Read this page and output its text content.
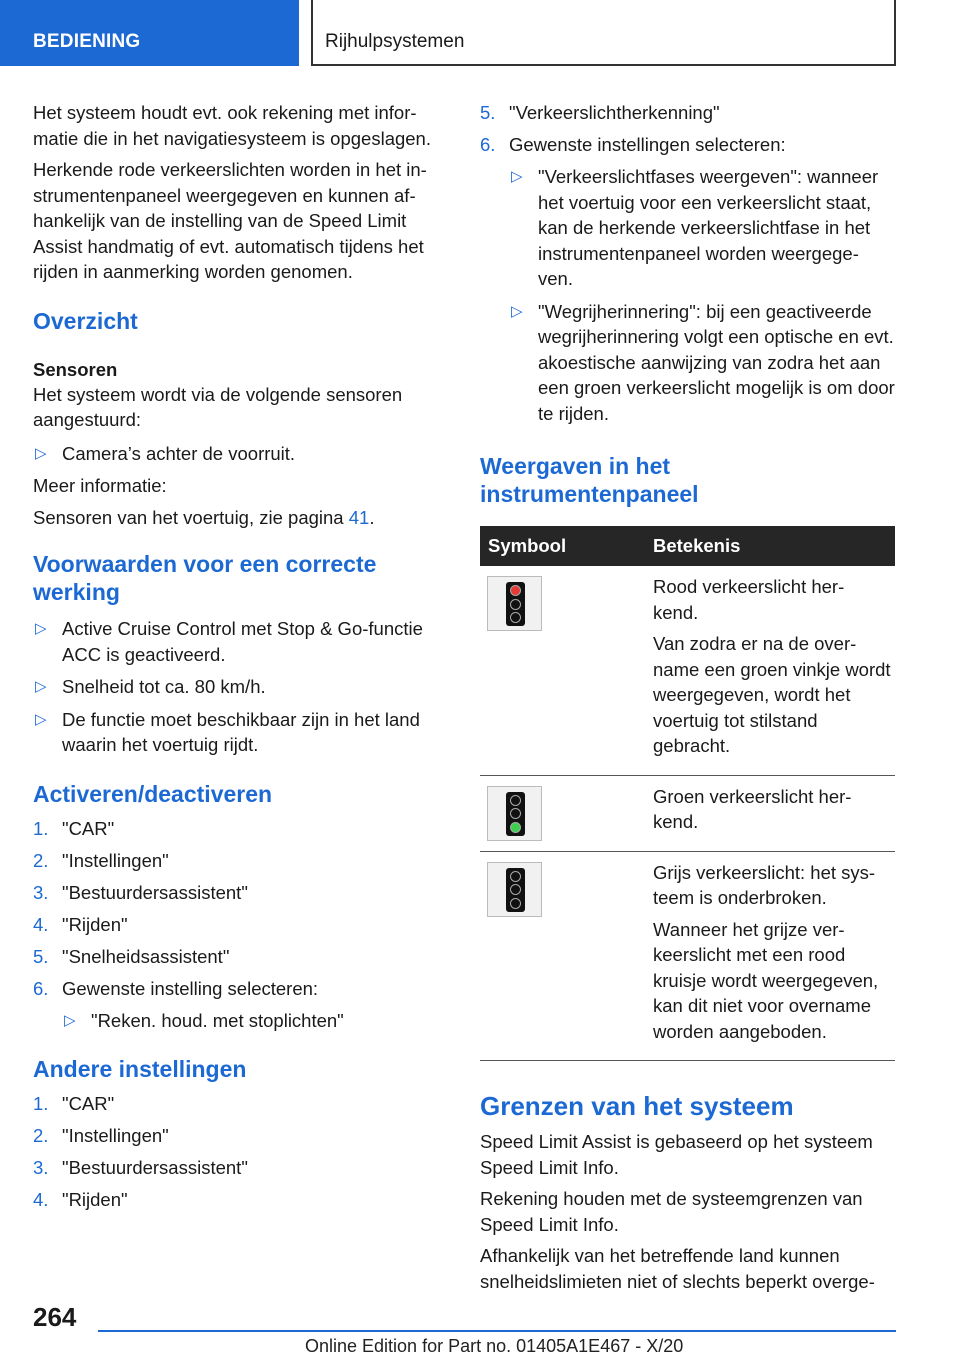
BEDIENING	Rijhulpsystemen

Het systeem houdt evt. ook rekening met infor‐ matie die in het navigatiesysteem is opgeslagen.

Herkende rode verkeerslichten worden in het in‐ strumentenpaneel weergegeven en kunnen af‐ hankelijk van de instelling van de Speed Limit Assist handmatig of evt. automatisch tijdens het rijden in aanmerking worden genomen.

Overzicht
Sensoren

Het systeem wordt via de volgende sensoren aangestuurd:

▷ Camera’s achter de voorruit.

Meer informatie:

Sensoren van het voertuig, zie pagina 41.

Voorwaarden voor een correcte werking
▷ Active Cruise Control met Stop & Go-functie ACC is geactiveerd.
▷ Snelheid tot ca. 80 km/h.
▷ De functie moet beschikbaar zijn in het land waarin het voertuig rijdt.
Activeren/deactiveren
1. "CAR"
2. "Instellingen"
3. "Bestuurdersassistent"
4. "Rijden"
5. "Snelheidsassistent"
6. Gewenste instelling selecteren:
▷ "Reken. houd. met stoplichten"
Andere instellingen
1. "CAR"
2. "Instellingen"
3. "Bestuurdersassistent"
4. "Rijden"
5. "Verkeerslichtherkenning"
6. Gewenste instellingen selecteren:
▷ "Verkeerslichtfases weergeven": wanneer het voertuig voor een verkeerslicht staat, kan de herkende verkeerslichtfase in het instrumentenpaneel worden weergege‐ ven.
▷ "Wegrijherinnering": bij een geactiveerde wegrijherinnering volgt een optische en evt. akoestische aanwijzing van zodra het aan een groen verkeerslicht mogelijk is om door te rijden.
Weergaven in het instrumentenpaneel
Symbool	Betekenis

	Rood verkeerslicht her‐ kend.

Van zodra er na de over‐ name een groen vinkje wordt weergegeven, wordt het voertuig tot stilstand gebracht.

	Groen verkeerslicht her‐ kend.

	Grijs verkeerslicht: het sys‐ teem is onderbroken.

Wanneer het grijze ver‐ keerslicht met een rood kruisje wordt weergegeven, kan dit niet voor overname worden aangeboden.

Grenzen van het systeem

Speed Limit Assist is gebaseerd op het systeem Speed Limit Info.

Rekening houden met de systeemgrenzen van Speed Limit Info.

Afhankelijk van het betreffende land kunnen snelheidslimieten niet of slechts beperkt overge‐

264
Online Edition for Part no. 01405A1E467 - X/20
